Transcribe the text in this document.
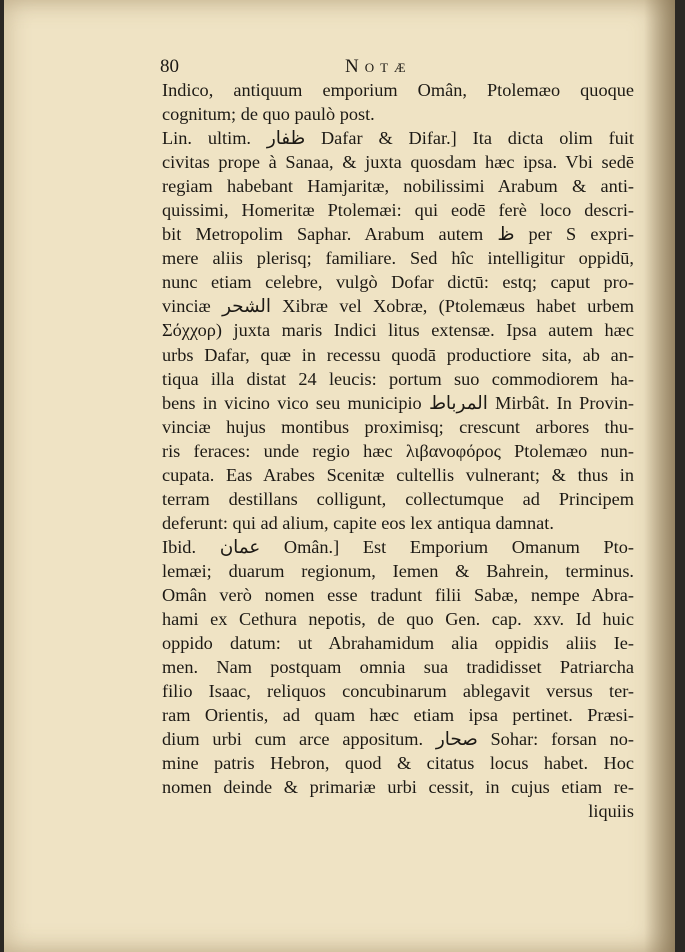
80	Notæ
Indico, antiquum emporium Omân, Ptolemæo quoque
cognitum; de quo paulò post.
Lin. ultim. ظفار Dafar & Difar.] Ita dicta olim fuit
civitas prope à Sanaa, & juxta quosdam hæc ipsa. Vbi sedē
regiam habebant Hamjaritæ, nobilissimi Arabum & anti-
quissimi, Homeritæ Ptolemæi: qui eodē ferè loco descri-
bit Metropolim Saphar. Arabum autem ظ per S expri-
mere aliis plerisq; familiare. Sed hîc intelligitur oppidū,
nunc etiam celebre, vulgò Dofar dictū: estq; caput pro-
vinciæ الشحر Xibræ vel Xobræ, (Ptolemæus habet urbem
Σόχχορ) juxta maris Indici litus extensæ. Ipsa autem hæc
urbs Dafar, quæ in recessu quodā productiore sita, ab an-
tiqua illa distat 24 leucis: portum suo commodiorem ha-
bens in vicino vico seu municipio المرباط Mirbât. In Provin-
vinciæ hujus montibus proximisq; crescunt arbores thu-
ris feraces: unde regio hæc λιβανοφόρος Ptolemæo nun-
cupata. Eas Arabes Scenitæ cultellis vulnerant; & thus in
terram destillans colligunt, collectumque ad Principem
deferunt: qui ad alium, capite eos lex antiqua damnat.
Ibid. عمان Omân.] Est Emporium Omanum Pto-
lemæi; duarum regionum, Iemen & Bahrein, terminus.
Omân verò nomen esse tradunt filii Sabæ, nempe Abra-
hami ex Cethura nepotis, de quo Gen. cap. xxv. Id huic
oppido datum: ut Abrahamidum alia oppidis aliis Ie-
men. Nam postquam omnia sua tradidisset Patriarcha
filio Isaac, reliquos concubinarum ablegavit versus ter-
ram Orientis, ad quam hæc etiam ipsa pertinet. Præsi-
dium urbi cum arce appositum. صحار Sohar: forsan no-
mine patris Hebron, quod & citatus locus habet. Hoc
nomen deinde & primariæ urbi cessit, in cujus etiam re-
liquiis
